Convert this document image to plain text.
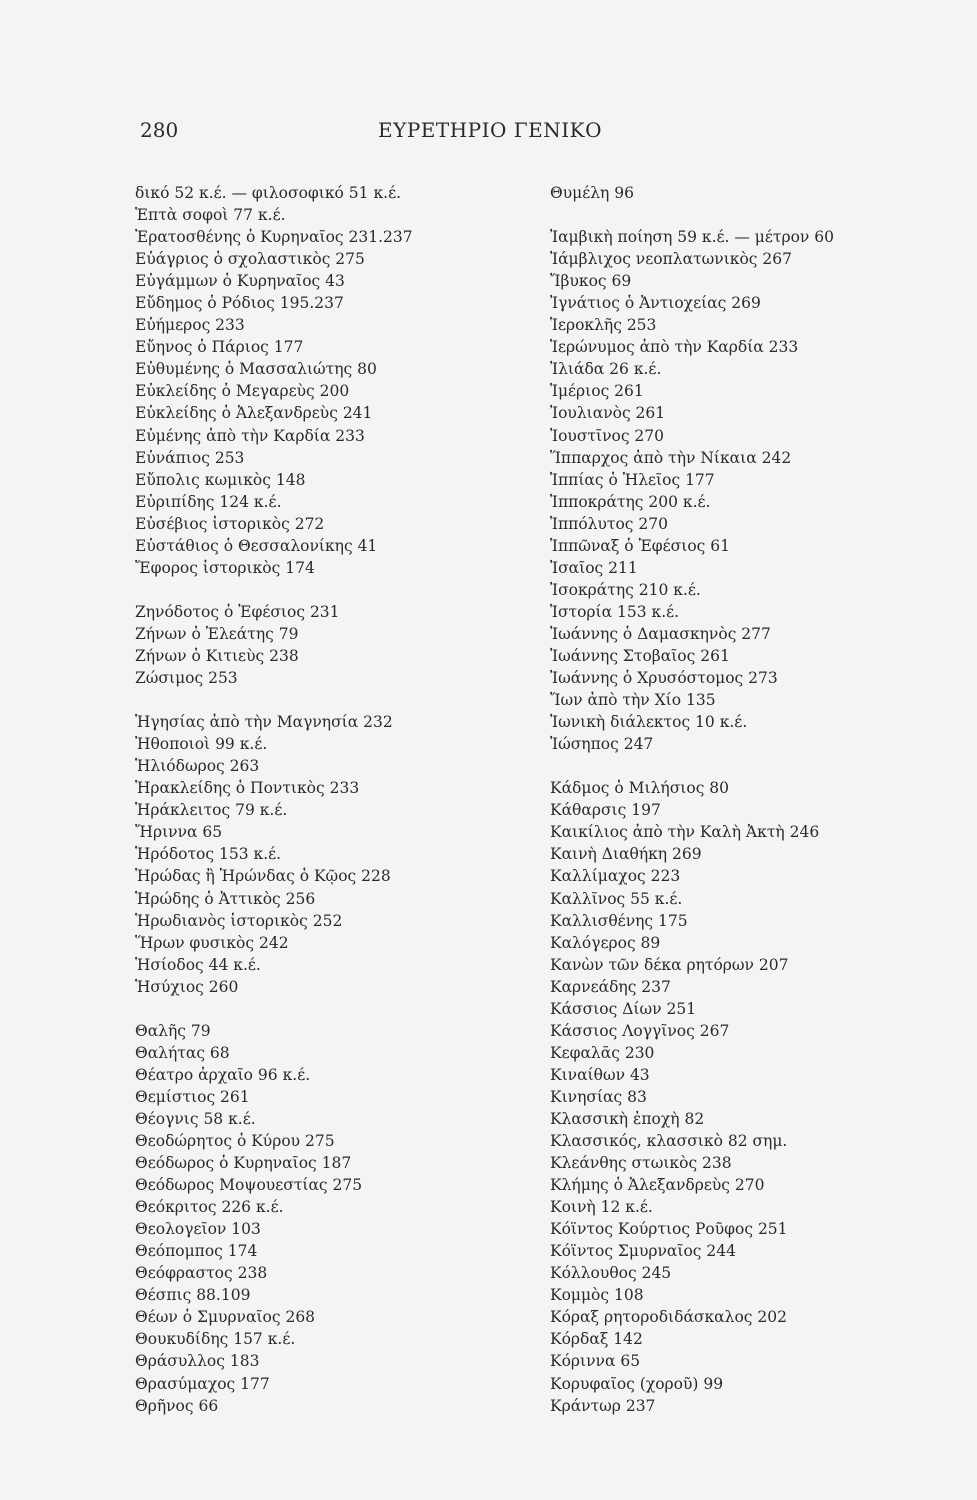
280	ΕΥΡΕΤΗΡΙΟ ΓΕΝΙΚΟ
δικό 52 κ.έ. — φιλοσοφικό 51 κ.έ.
Ἑπτὰ σοφοὶ 77 κ.έ.
Ἐρατοσθένης ὁ Κυρηναῖος 231.237
Εὐάγριος ὁ σχολαστικὸς 275
Εὐγάμμων ὁ Κυρηναῖος 43
Εὔδημος ὁ Ρόδιος 195.237
Εὐήμερος 233
Εὔηνος ὁ Πάριος 177
Εὐθυμένης ὁ Μασσαλιώτης 80
Εὐκλείδης ὁ Μεγαρεὺς 200
Εὐκλείδης ὁ Ἀλεξανδρεὺς 241
Εὐμένης ἀπὸ τὴν Καρδία 233
Εὐνάπιος 253
Εὔπολις κωμικὸς 148
Εὐριπίδης 124 κ.έ.
Εὐσέβιος ἱστορικὸς 272
Εὐστάθιος ὁ Θεσσαλονίκης 41
Ἔφορος ἱστορικὸς 174
Ζηνόδοτος ὁ Ἐφέσιος 231
Ζήνων ὁ Ἐλεάτης 79
Ζήνων ὁ Κιτιεὺς 238
Ζώσιμος 253
Ἡγησίας ἀπὸ τὴν Μαγνησία 232
Ἠθοποιοὶ 99 κ.έ.
Ἡλιόδωρος 263
Ἡρακλείδης ὁ Ποντικὸς 233
Ἡράκλειτος 79 κ.έ.
Ἤριννα 65
Ἡρόδοτος 153 κ.έ.
Ἡρώδας ἢ Ἡρώνδας ὁ Κῷος 228
Ἡρώδης ὁ Ἀττικὸς 256
Ἡρωδιανὸς ἱστορικὸς 252
Ἥρων φυσικὸς 242
Ἡσίοδος 44 κ.έ.
Ἡσύχιος 260
Θαλῆς 79
Θαλήτας 68
Θέατρο ἀρχαῖο 96 κ.έ.
Θεμίστιος 261
Θέογνις 58 κ.έ.
Θεοδώρητος ὁ Κύρου 275
Θεόδωρος ὁ Κυρηναῖος 187
Θεόδωρος Μοψουεστίας 275
Θεόκριτος 226 κ.έ.
Θεολογεῖον 103
Θεόπομπος 174
Θεόφραστος 238
Θέσπις 88.109
Θέων ὁ Σμυρναῖος 268
Θουκυδίδης 157 κ.έ.
Θράσυλλος 183
Θρασύμαχος 177
Θρῆνος 66
Θυμέλη 96
Ἰαμβικὴ ποίηση 59 κ.έ. — μέτρον 60
Ἰάμβλιχος νεοπλατωνικὸς 267
Ἴβυκος 69
Ἰγνάτιος ὁ Ἀντιοχείας 269
Ἱεροκλῆς 253
Ἱερώνυμος ἀπὸ τὴν Καρδία 233
Ἰλιάδα 26 κ.έ.
Ἱμέριος 261
Ἰουλιανὸς 261
Ἰουστῖνος 270
Ἵππαρχος ἀπὸ τὴν Νίκαια 242
Ἱππίας ὁ Ἠλεῖος 177
Ἱπποκράτης 200 κ.έ.
Ἱππόλυτος 270
Ἱππῶναξ ὁ Ἐφέσιος 61
Ἰσαῖος 211
Ἰσοκράτης 210 κ.έ.
Ἱστορία 153 κ.έ.
Ἰωάννης ὁ Δαμασκηνὸς 277
Ἰωάννης Στοβαῖος 261
Ἰωάννης ὁ Χρυσόστομος 273
Ἴων ἀπὸ τὴν Χίο 135
Ἰωνικὴ διάλεκτος 10 κ.έ.
Ἰώσηπος 247
Κάδμος ὁ Μιλήσιος 80
Κάθαρσις 197
Καικίλιος ἀπὸ τὴν Καλὴ Ἀκτὴ 246
Καινὴ Διαθήκη 269
Καλλίμαχος 223
Καλλῖνος 55 κ.έ.
Καλλισθένης 175
Καλόγερος 89
Κανὼν τῶν δέκα ρητόρων 207
Καρνεάδης 237
Κάσσιος Δίων 251
Κάσσιος Λογγῖνος 267
Κεφαλᾶς 230
Κιναίθων 43
Κινησίας 83
Κλασσικὴ ἐποχὴ 82
Κλασσικός, κλασσικὸ 82 σημ.
Κλεάνθης στωικὸς 238
Κλήμης ὁ Ἀλεξανδρεὺς 270
Κοινὴ 12 κ.έ.
Κόϊντος Κούρτιος Ροῦφος 251
Κόϊντος Σμυρναῖος 244
Κόλλουθος 245
Κομμὸς 108
Κόραξ ρητοροδιδάσκαλος 202
Κόρδαξ 142
Κόριννα 65
Κορυφαῖος (χοροῦ) 99
Κράντωρ 237
